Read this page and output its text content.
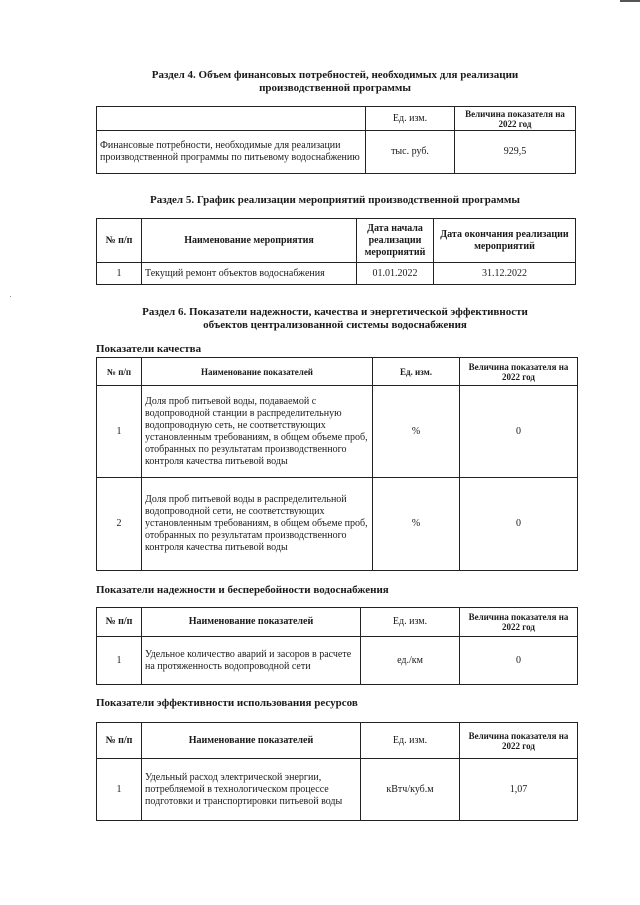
Раздел 4. Объем финансовых потребностей, необходимых для реализации
производственной программы
	Ед. изм.	Величина показателя на 2022 год
Финансовые потребности, необходимые для реализации производственной программы по питьевому водоснабжению	тыс. руб.	929,5
Раздел 5. График реализации мероприятий производственной программы
№ п/п	Наименование мероприятия	Дата начала реализации мероприятий	Дата окончания реализации мероприятий
1	Текущий ремонт объектов водоснабжения	01.01.2022	31.12.2022
Раздел 6. Показатели надежности, качества и энергетической эффективности
объектов централизованной системы водоснабжения
Показатели качества
№ п/п	Наименование показателей	Ед. изм.	Величина показателя на 2022 год
1	Доля проб питьевой воды, подаваемой с водопроводной станции в распределительную водопроводную сеть, не соответствующих установленным требованиям, в общем объеме проб, отобранных по результатам производственного контроля качества питьевой воды	%	0
2	Доля проб питьевой воды в распределительной водопроводной сети, не соответствующих установленным требованиям, в общем объеме проб, отобранных по результатам производственного контроля качества питьевой воды	%	0
Показатели надежности и бесперебойности водоснабжения
№ п/п	Наименование показателей	Ед. изм.	Величина показателя на 2022 год
1	Удельное количество аварий и засоров в расчете на протяженность водопроводной сети	ед./км	0
Показатели эффективности использования ресурсов
№ п/п	Наименование показателей	Ед. изм.	Величина показателя на 2022 год
1	Удельный расход электрической энергии, потребляемой в технологическом процессе подготовки и транспортировки питьевой воды	кВтч/куб.м	1,07
